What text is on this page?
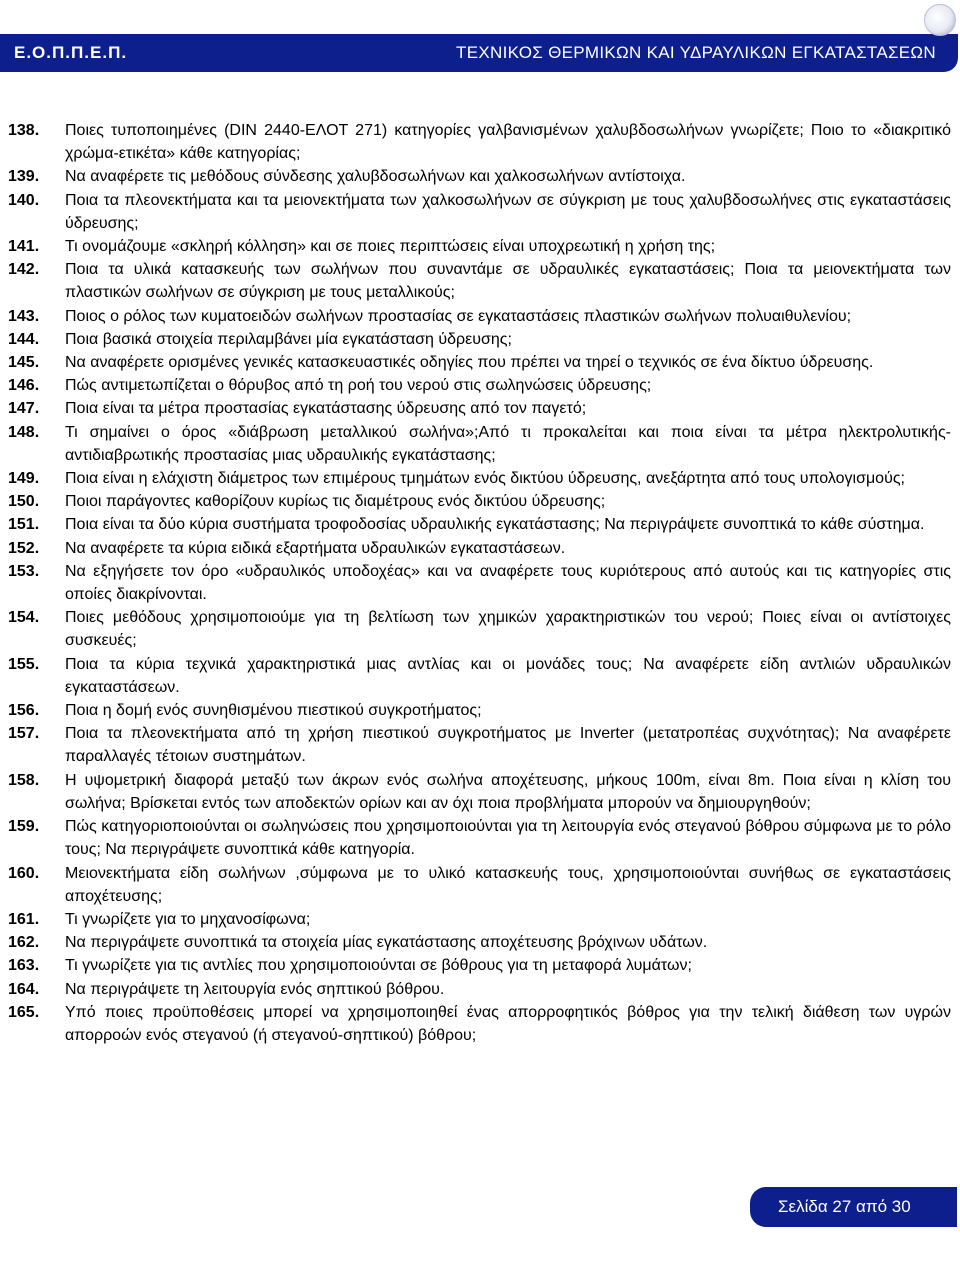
Ε.Ο.Π.Π.Ε.Π.	ΤΕΧΝΙΚΟΣ ΘΕΡΜΙΚΩΝ ΚΑΙ ΥΔΡΑΥΛΙΚΩΝ ΕΓΚΑΤΑΣΤΑΣΕΩΝ
138.	Ποιες τυποποιημένες (DIN 2440-ΕΛΟΤ 271) κατηγορίες γαλβανισμένων χαλυβδοσωλήνων γνωρίζετε; Ποιο το «διακριτικό χρώμα-ετικέτα» κάθε κατηγορίας;
139.	Να αναφέρετε τις μεθόδους σύνδεσης χαλυβδοσωλήνων και χαλκοσωλήνων αντίστοιχα.
140.	Ποια τα πλεονεκτήματα και τα μειονεκτήματα των χαλκοσωλήνων σε σύγκριση με τους χαλυβδοσωλήνες στις εγκαταστάσεις ύδρευσης;
141.	Τι ονομάζουμε «σκληρή κόλληση» και σε ποιες περιπτώσεις είναι υποχρεωτική η χρήση της;
142.	Ποια τα υλικά κατασκευής των σωλήνων που συναντάμε σε υδραυλικές εγκαταστάσεις; Ποια τα μειονεκτήματα των πλαστικών σωλήνων σε σύγκριση με τους μεταλλικούς;
143.	Ποιος ο ρόλος των κυματοειδών σωλήνων προστασίας σε εγκαταστάσεις πλαστικών σωλήνων πολυαιθυλενίου;
144.	Ποια βασικά στοιχεία περιλαμβάνει μία εγκατάσταση ύδρευσης;
145.	Να αναφέρετε ορισμένες γενικές κατασκευαστικές οδηγίες που πρέπει να τηρεί ο τεχνικός σε ένα δίκτυο ύδρευσης.
146.	Πώς αντιμετωπίζεται ο θόρυβος από τη ροή του νερού στις σωληνώσεις ύδρευσης;
147.	Ποια είναι τα μέτρα προστασίας εγκατάστασης ύδρευσης από τον παγετό;
148.	Τι σημαίνει ο όρος «διάβρωση μεταλλικού σωλήνα»;Από τι προκαλείται και ποια είναι τα μέτρα ηλεκτρολυτικής-αντιδιαβρωτικής προστασίας μιας υδραυλικής εγκατάστασης;
149.	Ποια είναι η ελάχιστη διάμετρος των επιμέρους τμημάτων ενός δικτύου ύδρευσης, ανεξάρτητα από τους υπολογισμούς;
150.	Ποιοι παράγοντες καθορίζουν κυρίως τις διαμέτρους ενός δικτύου ύδρευσης;
151.	Ποια είναι τα δύο κύρια συστήματα τροφοδοσίας υδραυλικής εγκατάστασης; Να περιγράψετε συνοπτικά το κάθε σύστημα.
152.	Να αναφέρετε τα κύρια ειδικά εξαρτήματα υδραυλικών εγκαταστάσεων.
153.	Να εξηγήσετε τον όρο «υδραυλικός υποδοχέας» και να αναφέρετε τους κυριότερους από αυτούς και τις κατηγορίες στις οποίες διακρίνονται.
154.	Ποιες μεθόδους χρησιμοποιούμε για τη βελτίωση των χημικών χαρακτηριστικών του νερού; Ποιες είναι οι αντίστοιχες συσκευές;
155.	Ποια τα κύρια τεχνικά χαρακτηριστικά μιας αντλίας και οι μονάδες τους; Να αναφέρετε είδη αντλιών υδραυλικών εγκαταστάσεων.
156.	Ποια η δομή ενός συνηθισμένου πιεστικού συγκροτήματος;
157.	Ποια τα πλεονεκτήματα από τη χρήση πιεστικού συγκροτήματος με Inverter (μετατροπέας συχνότητας); Να αναφέρετε παραλλαγές τέτοιων συστημάτων.
158.	Η υψομετρική διαφορά μεταξύ των άκρων ενός σωλήνα αποχέτευσης, μήκους 100m, είναι 8m. Ποια είναι η κλίση του σωλήνα; Βρίσκεται εντός των αποδεκτών ορίων και αν όχι ποια προβλήματα μπορούν να δημιουργηθούν;
159.	Πώς κατηγοριοποιούνται οι σωληνώσεις που χρησιμοποιούνται για τη λειτουργία ενός στεγανού βόθρου σύμφωνα με το ρόλο τους; Να περιγράψετε συνοπτικά κάθε κατηγορία.
160.	Μειονεκτήματα είδη σωλήνων ,σύμφωνα με το υλικό κατασκευής τους, χρησιμοποιούνται συνήθως σε εγκαταστάσεις αποχέτευσης;
161.	Τι γνωρίζετε για το μηχανοσίφωνα;
162.	Να περιγράψετε συνοπτικά τα στοιχεία μίας εγκατάστασης αποχέτευσης βρόχινων υδάτων.
163.	Τι γνωρίζετε για τις αντλίες που χρησιμοποιούνται σε βόθρους για τη μεταφορά λυμάτων;
164.	Να περιγράψετε τη λειτουργία ενός σηπτικού βόθρου.
165.	Υπό ποιες προϋποθέσεις μπορεί να χρησιμοποιηθεί ένας απορροφητικός βόθρος για την τελική διάθεση των υγρών απορροών ενός στεγανού (ή στεγανού-σηπτικού) βόθρου;
Σελίδα 27 από 30
